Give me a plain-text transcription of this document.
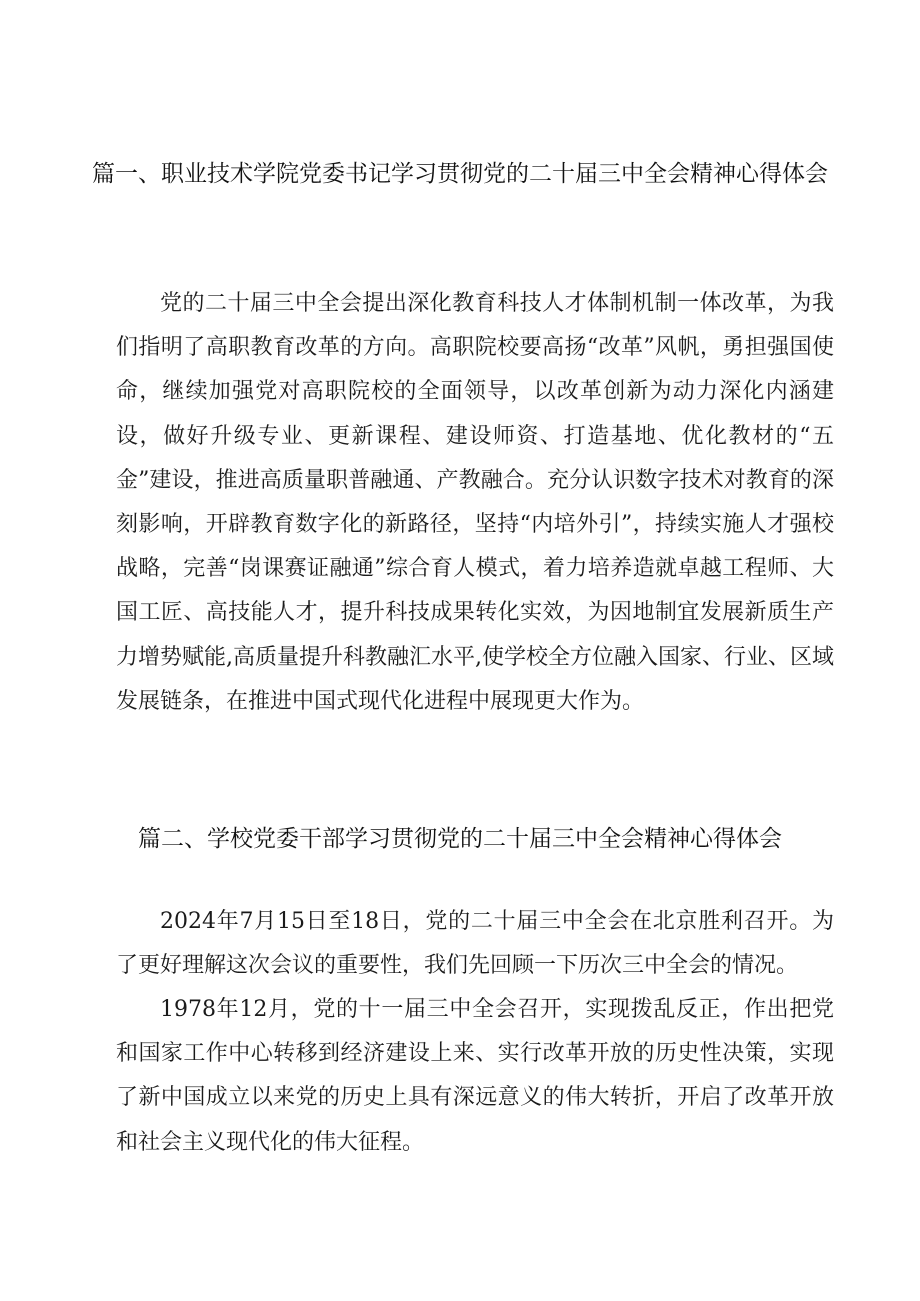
篇一、职业技术学院党委书记学习贯彻党的二十届三中全会精神心得体会

党的二十届三中全会提出深化教育科技人才体制机制一体改革，为我们指明了高职教育改革的方向。高职院校要高扬“改革”风帆，勇担强国使命，继续加强党对高职院校的全面领导，以改革创新为动力深化内涵建设，做好升级专业、更新课程、建设师资、打造基地、优化教材的“五金”建设，推进高质量职普融通、产教融合。充分认识数字技术对教育的深刻影响，开辟教育数字化的新路径，坚持“内培外引”，持续实施人才强校战略，完善“岗课赛证融通”综合育人模式，着力培养造就卓越工程师、大国工匠、高技能人才，提升科技成果转化实效，为因地制宜发展新质生产力增势赋能,高质量提升科教融汇水平,使学校全方位融入国家、行业、区域发展链条，在推进中国式现代化进程中展现更大作为。

篇二、学校党委干部学习贯彻党的二十届三中全会精神心得体会

2024年7月15日至18日，党的二十届三中全会在北京胜利召开。为了更好理解这次会议的重要性，我们先回顾一下历次三中全会的情况。

1978年12月，党的十一届三中全会召开，实现拨乱反正，作出把党和国家工作中心转移到经济建设上来、实行改革开放的历史性决策，实现了新中国成立以来党的历史上具有深远意义的伟大转折，开启了改革开放和社会主义现代化的伟大征程。
